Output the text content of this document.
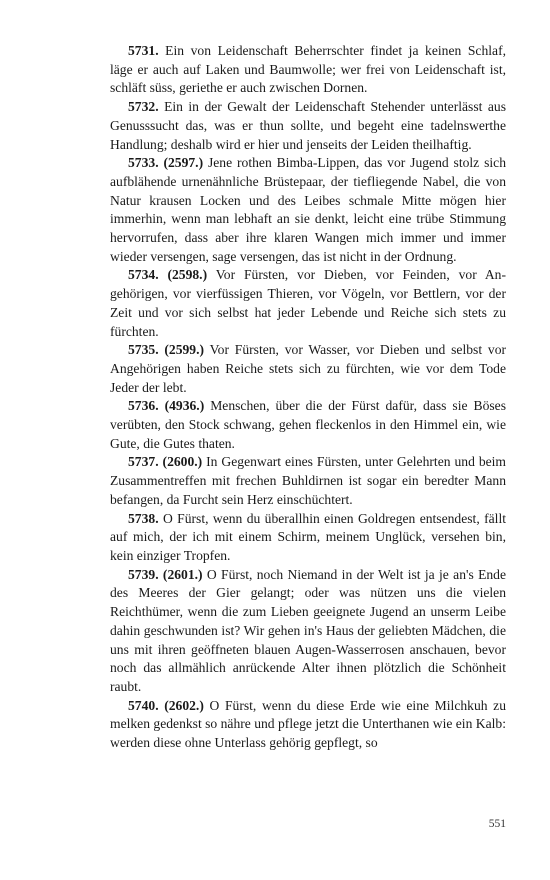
5731. Ein von Leidenschaft Beherrschter findet ja keinen Schlaf, läge er auch auf Laken und Baumwolle; wer frei von Leidenschaft ist, schläft süss, geriethe er auch zwischen Dornen.

5732. Ein in der Gewalt der Leidenschaft Stehender unterlässt aus Genusssucht das, was er thun sollte, und begeht eine tadelnswerthe Handlung; deshalb wird er hier und jenseits der Leiden theilhaftig.

5733. (2597.) Jene rothen Bimba-Lippen, das vor Jugend stolz sich aufblähende urnenähnliche Brüstepaar, der tiefliegende Nabel, die von Natur krausen Locken und des Leibes schmale Mitte mögen hier immerhin, wenn man lebhaft an sie denkt, leicht eine trübe Stimmung hervorrufen, dass aber ihre klaren Wangen mich immer und immer wieder versengen, sage versengen, das ist nicht in der Ordnung.

5734. (2598.) Vor Fürsten, vor Dieben, vor Feinden, vor Angehörigen, vor vierfüssigen Thieren, vor Vögeln, vor Bettlern, vor der Zeit und vor sich selbst hat jeder Lebende und Reiche sich stets zu fürchten.

5735. (2599.) Vor Fürsten, vor Wasser, vor Dieben und selbst vor Angehörigen haben Reiche stets sich zu fürchten, wie vor dem Tode Jeder der lebt.

5736. (4936.) Menschen, über die der Fürst dafür, dass sie Böses verübten, den Stock schwang, gehen fleckenlos in den Himmel ein, wie Gute, die Gutes thaten.

5737. (2600.) In Gegenwart eines Fürsten, unter Gelehrten und beim Zusammentreffen mit frechen Buhldirnen ist sogar ein beredter Mann befangen, da Furcht sein Herz einschüchtert.

5738. O Fürst, wenn du überallhin einen Goldregen entsendest, fällt auf mich, der ich mit einem Schirm, meinem Unglück, versehen bin, kein einziger Tropfen.

5739. (2601.) O Fürst, noch Niemand in der Welt ist ja je an's Ende des Meeres der Gier gelangt; oder was nützen uns die vielen Reichthümer, wenn die zum Lieben geeignete Jugend an unserm Leibe dahin geschwunden ist? Wir gehen in's Haus der geliebten Mädchen, die uns mit ihren geöffneten blauen Augen-Wasserrosen anschauen, bevor noch das allmählich anrückende Alter ihnen plötzlich die Schönheit raubt.

5740. (2602.) O Fürst, wenn du diese Erde wie eine Milchkuh zu melken gedenkst so nähre und pflege jetzt die Unterthanen wie ein Kalb: werden diese ohne Unterlass gehörig gepflegt, so

551
